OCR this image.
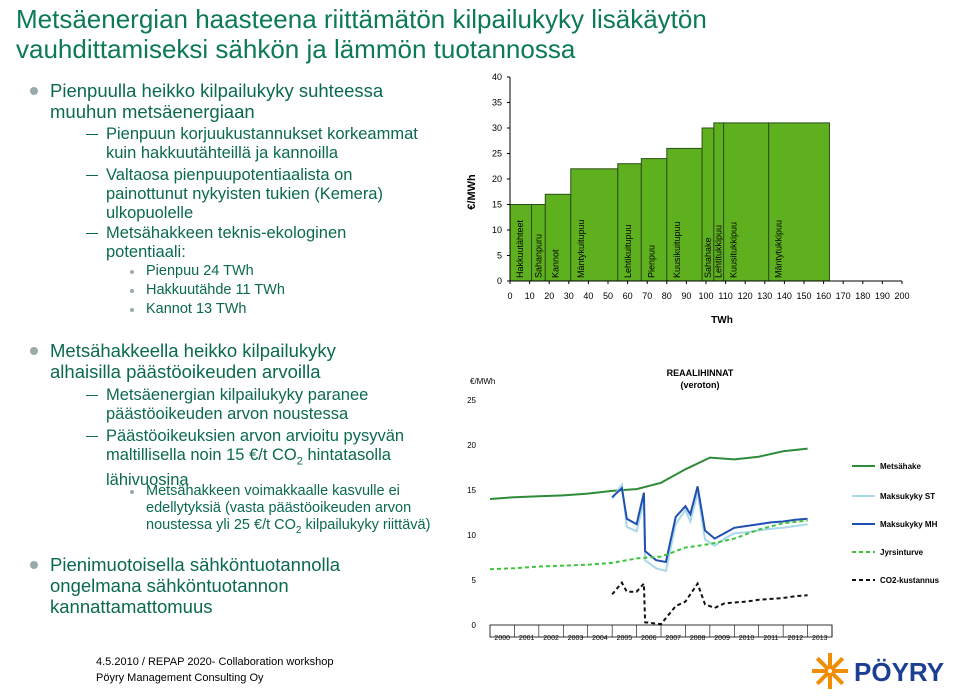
Metsäenergian haasteena riittämätön kilpailukyky lisäkäytön
vauhdittamiseksi sähkön ja lämmön tuotannossa
Pienpuulla heikko kilpailukyky suhteessa
muuhun metsäenergiaan
Pienpuun korjuukustannukset korkeammat
kuin hakkuutähteillä ja kannoilla
Valtaosa pienpuupotentiaalista on
painottunut nykyisten tukien (Kemera)
ulkopuolelle
Metsähakkeen teknis-ekologinen
potentiaali:
Pienpuu 24 TWh
Hakkuutähde 11 TWh
Kannot 13 TWh
Metsähakkeella heikko kilpailukyky
alhaisilla päästöoikeuden arvoilla
Metsäenergian kilpailukyky paranee
päästöoikeuden arvon noustessa
Päästöoikeuksien arvon arvioitu pysyvän
maltillisella noin 15 €/t $CO_2$ hintatasolla
lähivuosina
Metsähakkeen voimakkaalle kasvulle ei
edellytyksiä (vasta päästöoikeuden arvon
noustessa yli 25 €/t $CO_2$ kilpailukyky riittävä)
Pienimuotoisella sähköntuotannolla
ongelmana sähköntuotannon
kannattamattomuus
4.5.2010 / REPAP 2020- Collaboration workshop
Pöyry Management Consulting Oy	PÖYRY
Hakkuutähteet Sahanpuru Kannot Mäntykuitupuu	Lehtikuitupuu Pienpuu Kuusikuitupuu Sahahake Lehtitukkipuu Kuusitukkipuu	Mäntytukkipuu
0
5
10
15
20
25
30
35
40
0 10 20 30 40 50 60 70 80 90 100 110 120 130 140 150 160 170 180 190 200
€/MWh
TWh
REAALIHINNAT
(veroton)
€/MWh
0
5
10
15
20
25
2000 2001 2002 2003 2004 2005 2006 2007 2008 2009 2010 2011 2012 2013
Metsähake
Maksukyky ST
Maksukyky MH
Jyrsinturve
CO2-kustannus
